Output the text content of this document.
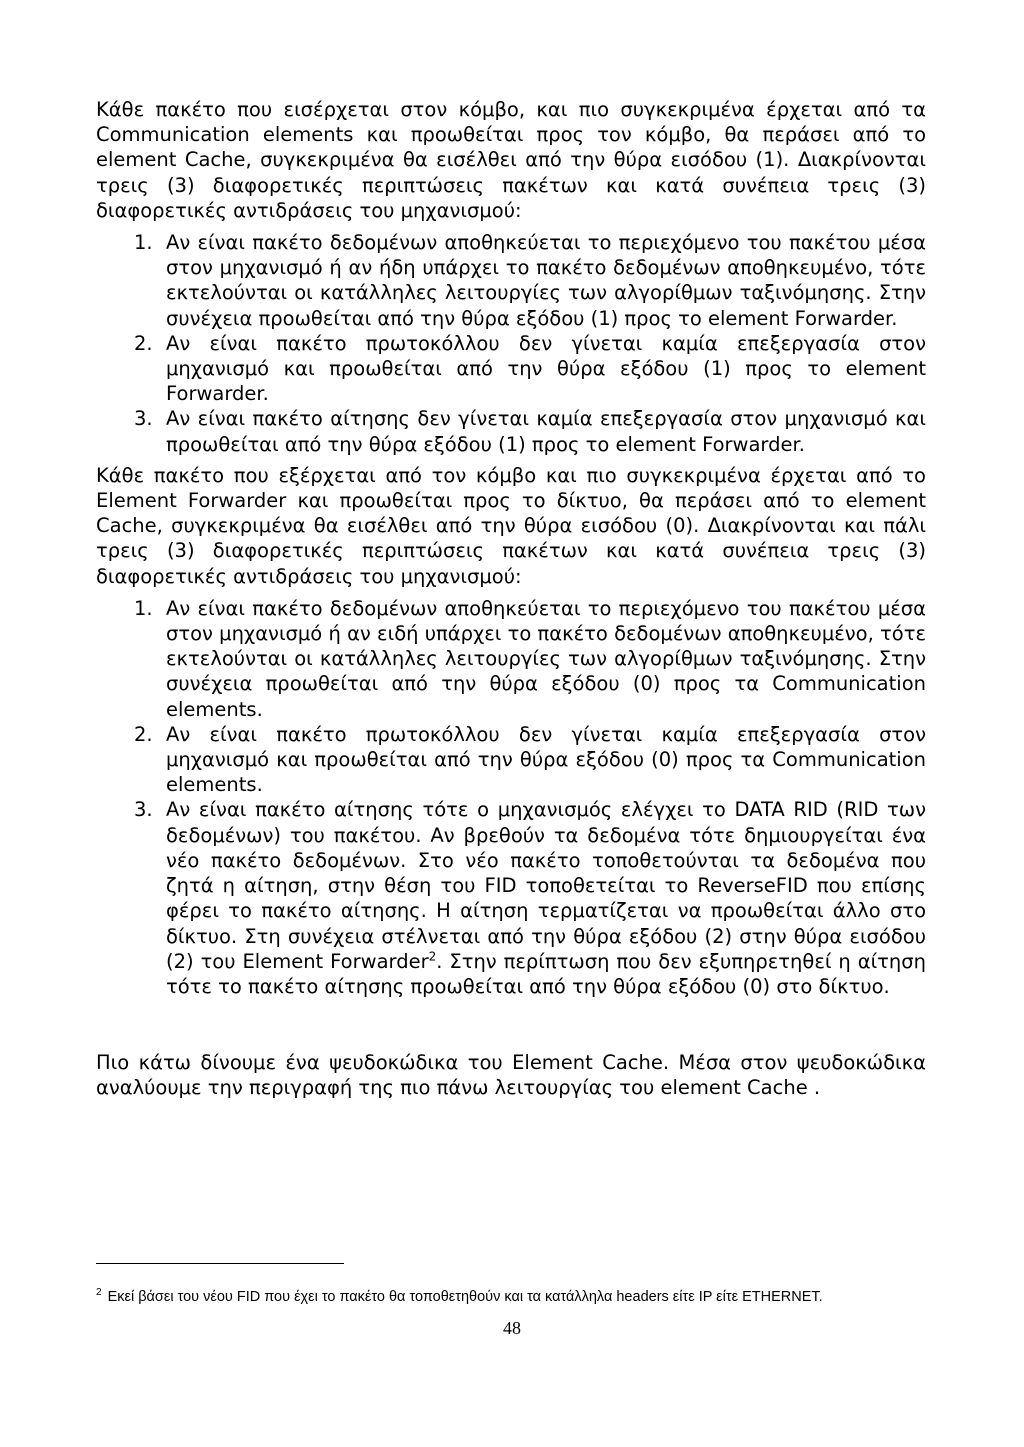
Κάθε πακέτο που εισέρχεται στον κόμβο, και πιο συγκεκριμένα έρχεται από τα Communication elements και προωθείται προς τον κόμβο, θα περάσει από το element Cache, συγκεκριμένα θα εισέλθει από την θύρα εισόδου (1). Διακρίνονται τρεις (3) διαφορετικές περιπτώσεις πακέτων και κατά συνέπεια τρεις (3) διαφορετικές αντιδράσεις του μηχανισμού:

1. Αν είναι πακέτο δεδομένων αποθηκεύεται το περιεχόμενο του πακέτου μέσα στον μηχανισμό ή αν ήδη υπάρχει το πακέτο δεδομένων αποθηκευμένο, τότε εκτελούνται οι κατάλληλες λειτουργίες των αλγορίθμων ταξινόμησης. Στην συνέχεια προωθείται από την θύρα εξόδου (1) προς το element Forwarder.
2. Αν είναι πακέτο πρωτοκόλλου δεν γίνεται καμία επεξεργασία στον μηχανισμό και προωθείται από την θύρα εξόδου (1) προς το element Forwarder.
3. Αν είναι πακέτο αίτησης δεν γίνεται καμία επεξεργασία στον μηχανισμό και προωθείται από την θύρα εξόδου (1) προς το element Forwarder.

Κάθε πακέτο που εξέρχεται από τον κόμβο και πιο συγκεκριμένα έρχεται από το Element Forwarder και προωθείται προς το δίκτυο, θα περάσει από το element Cache, συγκεκριμένα θα εισέλθει από την θύρα εισόδου (0). Διακρίνονται και πάλι τρεις (3) διαφορετικές περιπτώσεις πακέτων και κατά συνέπεια τρεις (3) διαφορετικές αντιδράσεις του μηχανισμού:

1. Αν είναι πακέτο δεδομένων αποθηκεύεται το περιεχόμενο του πακέτου μέσα στον μηχανισμό ή αν ειδή υπάρχει το πακέτο δεδομένων αποθηκευμένο, τότε εκτελούνται οι κατάλληλες λειτουργίες των αλγορίθμων ταξινόμησης. Στην συνέχεια προωθείται από την θύρα εξόδου (0) προς τα Communication elements.
2. Αν είναι πακέτο πρωτοκόλλου δεν γίνεται καμία επεξεργασία στον μηχανισμό και προωθείται από την θύρα εξόδου (0) προς τα Communication elements.
3. Αν είναι πακέτο αίτησης τότε ο μηχανισμός ελέγχει το DATA RID (RID των δεδομένων) του πακέτου. Αν βρεθούν τα δεδομένα τότε δημιουργείται ένα νέο πακέτο δεδομένων. Στο νέο πακέτο τοποθετούνται τα δεδομένα που ζητά η αίτηση, στην θέση του FID τοποθετείται το ReverseFID που επίσης φέρει το πακέτο αίτησης. Η αίτηση τερματίζεται να προωθείται άλλο στο δίκτυο. Στη συνέχεια στέλνεται από την θύρα εξόδου (2) στην θύρα εισόδου (2) του Element Forwarder$^2$. Στην περίπτωση που δεν εξυπηρετηθεί η αίτηση τότε το πακέτο αίτησης προωθείται από την θύρα εξόδου (0) στο δίκτυο.

Πιο κάτω δίνουμε ένα ψευδοκώδικα του Element Cache. Μέσα στον ψευδοκώδικα αναλύουμε την περιγραφή της πιο πάνω λειτουργίας του element Cache .

$^2$ Εκεί βάσει του νέου FID που έχει το πακέτο θα τοποθετηθούν και τα κατάλληλα headers είτε IP είτε ETHERNET.
48
